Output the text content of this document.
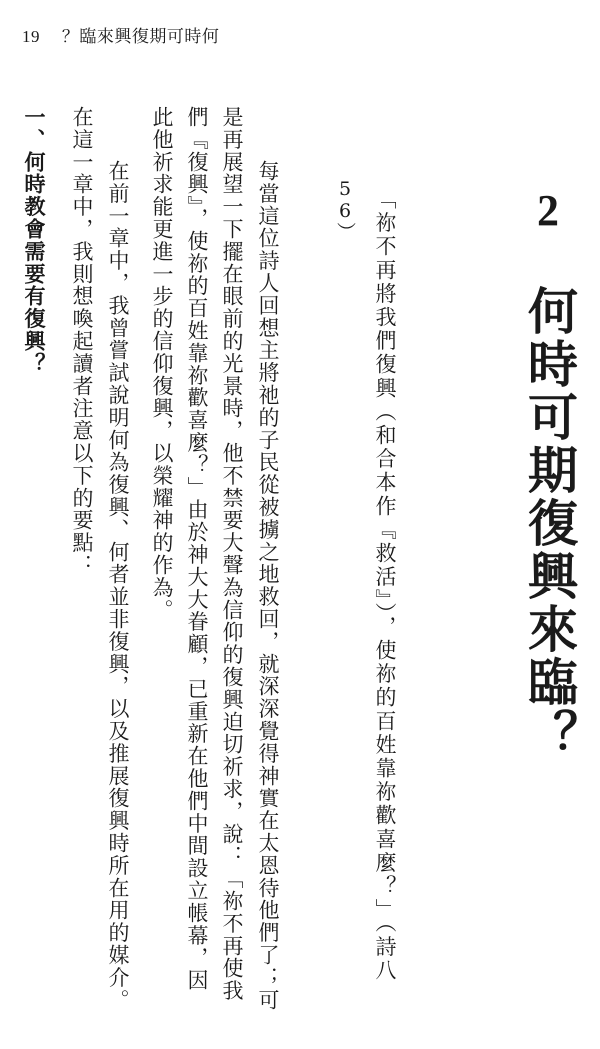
19 ？臨來興復期可時何
2
何時可期復興來臨？
「祢不再將我們復興（和合本作『救活』），使祢的百姓靠祢歡喜麼？」（詩八
56）
每當這位詩人回想主將祂的子民從被擄之地救回，就深深覺得神實在太恩待他們了；可
是再展望一下擺在眼前的光景時，他不禁要大聲為信仰的復興迫切祈求，說：「祢不再使我
們『復興』，使祢的百姓靠祢歡喜麼？」由於神大大眷顧，已重新在他們中間設立帳幕，因
此他祈求能更進一步的信仰復興，以榮耀神的作為。
在前一章中，我曾嘗試說明何為復興、何者並非復興，以及推展復興時所在用的媒介。
在這一章中，我則想喚起讀者注意以下的要點：
一、何時教會需要有復興？
